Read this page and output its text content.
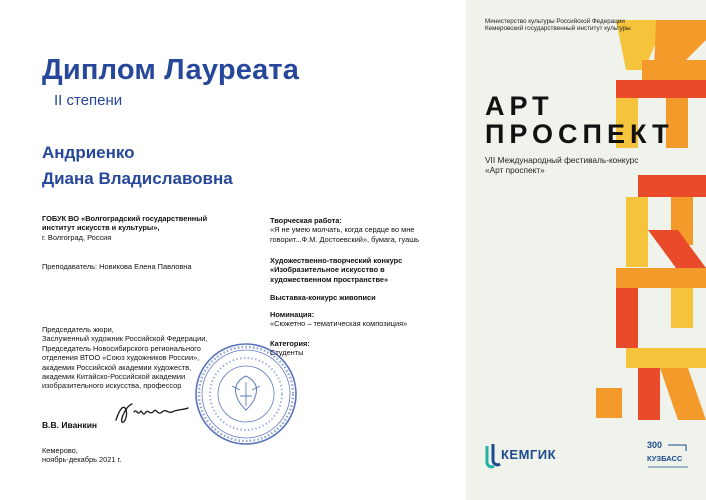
Диплом Лауреата
II степени
Андриенко
Диана Владиславовна
ГОБУК ВО «Волгоградский государственный
институт искусств и культуры»,
г. Волгоград, Россия
Преподаватель: Новикова Елена Павловна
Председатель жюри,
Заслуженный художник Российской Федерации,
Председатель Новосибирского регионального
отделения ВТОО «Союз художников России»,
академик Российской академии художеств,
академик Китайско-Российской академии
изобразительного искусства, профессор
В.В. Иванкин
Кемерово,
ноябрь-декабрь 2021 г.
Творческая работа:
«Я не умею молчать, когда сердце во мне
говорит...Ф.М. Достоевский», бумага, гуашь
Художественно-творческий конкурс
«Изобразительное искусство в
художественном пространстве»
Выставка-конкурс живописи
Номинация:
«Сюжетно – тематическая композиция»
Категория:
Студенты
Министерство культуры Российской Федерации
Кемеровский государственный институт культуры
АРТ
ПРОСПЕКТ
VII Международный фестиваль-конкурс
«Арт проспект»
КЕМГИК
300
КУЗБАСС
